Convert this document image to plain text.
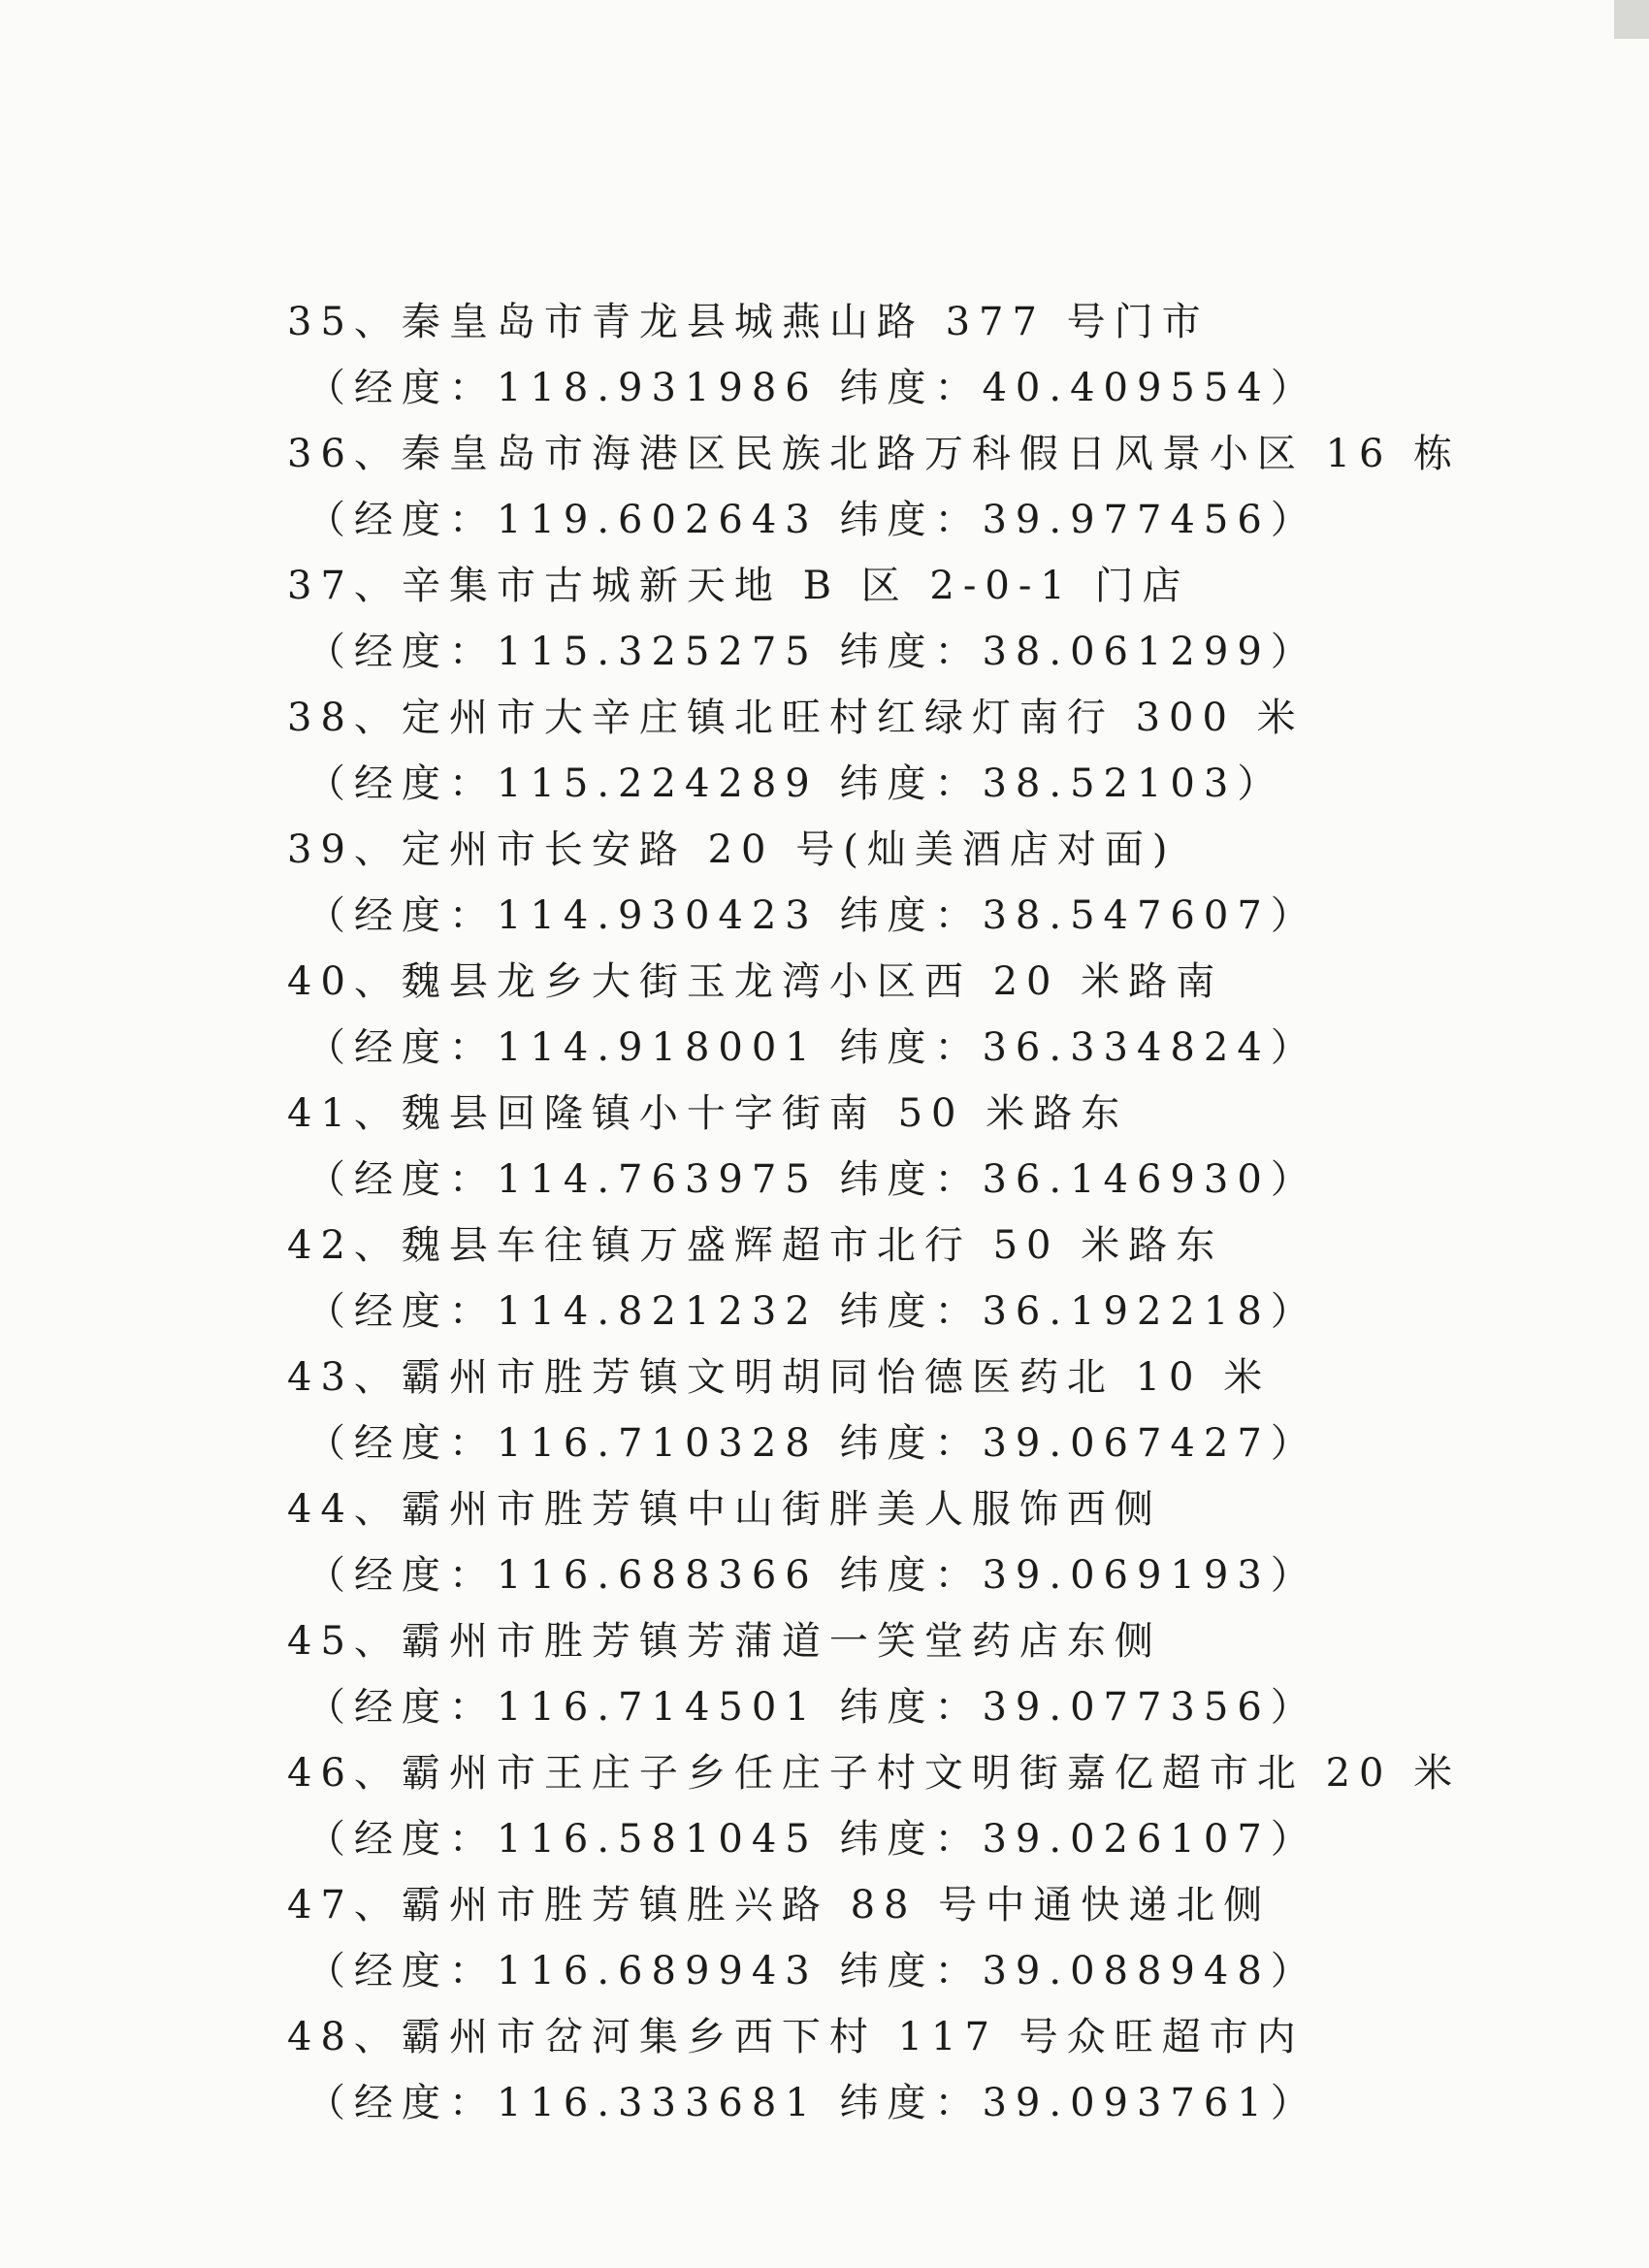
35、秦皇岛市青龙县城燕山路 377 号门市
（经度：118.931986 纬度：40.409554）
36、秦皇岛市海港区民族北路万科假日风景小区 16 栋
（经度：119.602643 纬度：39.977456）
37、辛集市古城新天地 B 区 2-0-1 门店
（经度：115.325275 纬度：38.061299）
38、定州市大辛庄镇北旺村红绿灯南行 300 米
（经度：115.224289 纬度：38.52103）
39、定州市长安路 20 号(灿美酒店对面)
（经度：114.930423 纬度：38.547607）
40、魏县龙乡大街玉龙湾小区西 20 米路南
（经度：114.918001 纬度：36.334824）
41、魏县回隆镇小十字街南 50 米路东
（经度：114.763975 纬度：36.146930）
42、魏县车往镇万盛辉超市北行 50 米路东
（经度：114.821232 纬度：36.192218）
43、霸州市胜芳镇文明胡同怡德医药北 10 米
（经度：116.710328 纬度：39.067427）
44、霸州市胜芳镇中山街胖美人服饰西侧
（经度：116.688366 纬度：39.069193）
45、霸州市胜芳镇芳蒲道一笑堂药店东侧
（经度：116.714501 纬度：39.077356）
46、霸州市王庄子乡任庄子村文明街嘉亿超市北 20 米
（经度：116.581045 纬度：39.026107）
47、霸州市胜芳镇胜兴路 88 号中通快递北侧
（经度：116.689943 纬度：39.088948）
48、霸州市岔河集乡西下村 117 号众旺超市内
（经度：116.333681 纬度：39.093761）
